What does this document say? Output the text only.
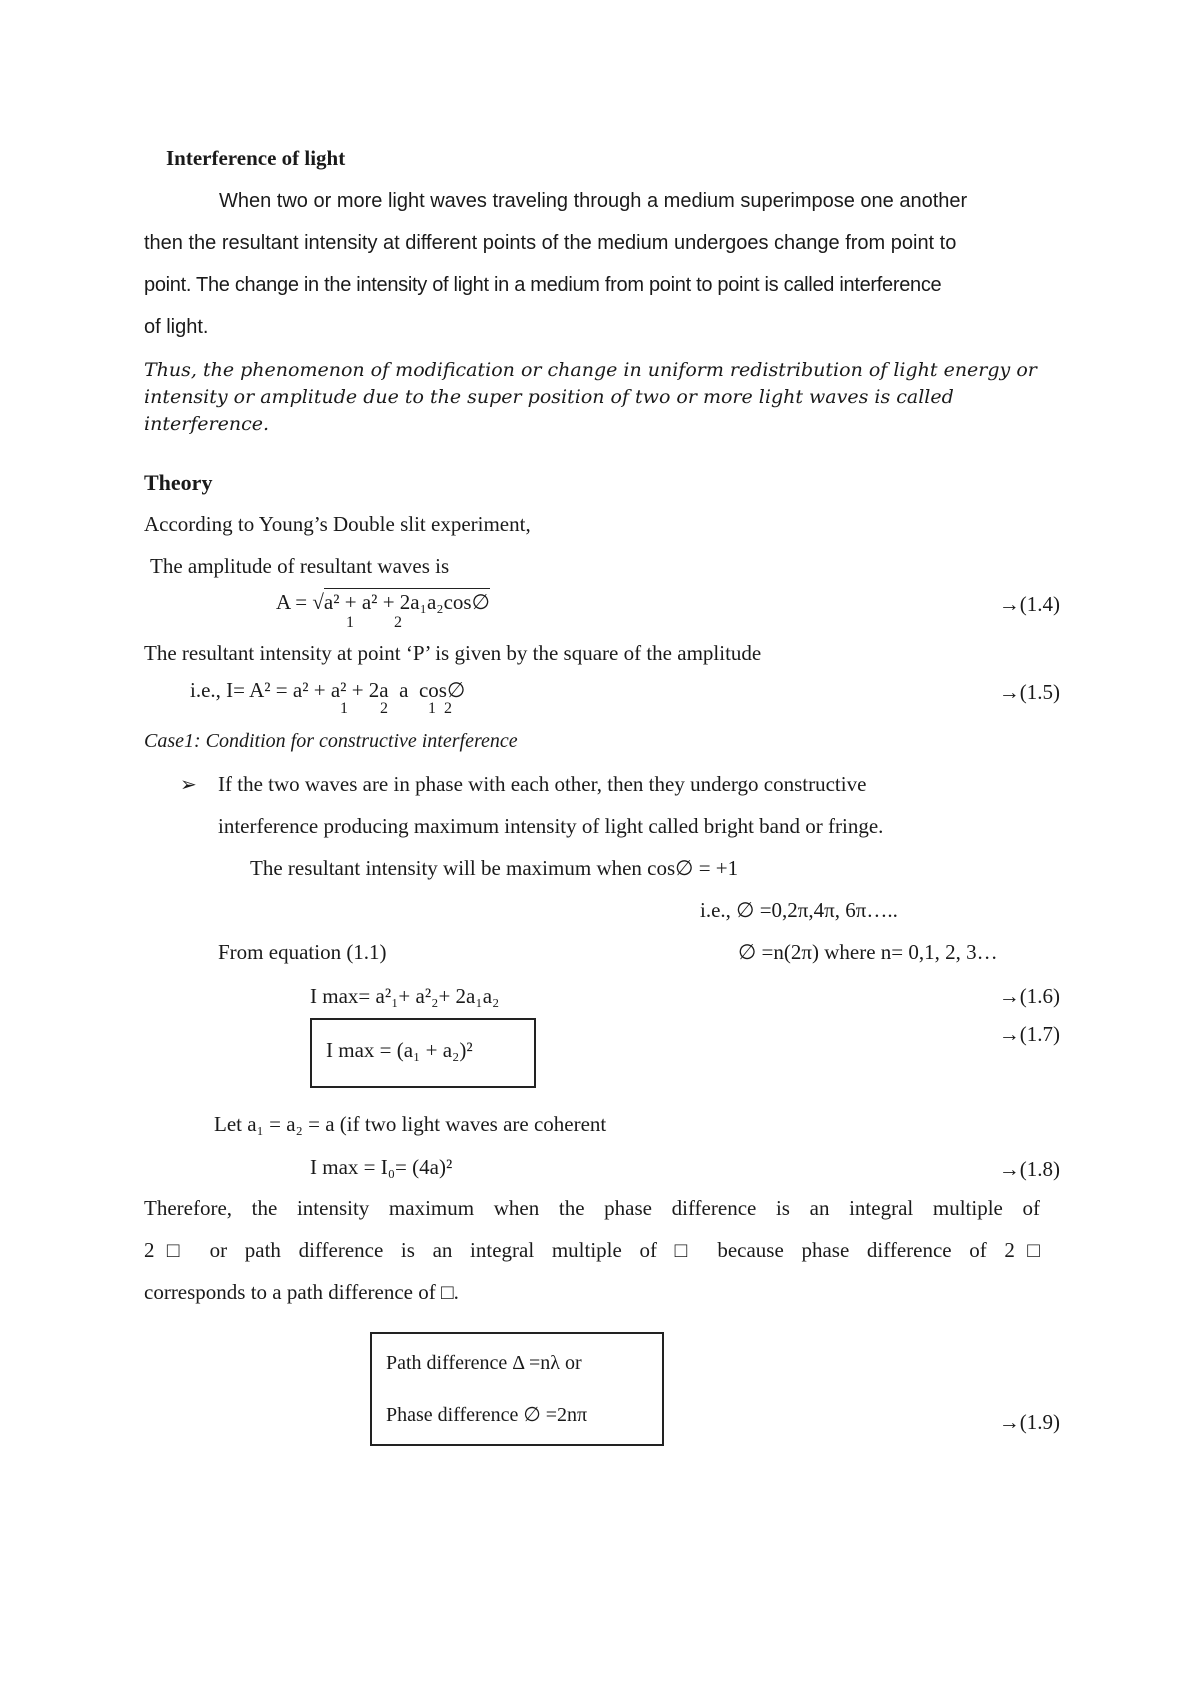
Interference of light
When two or more light waves traveling through a medium superimpose one another
then the resultant intensity at different points of the medium undergoes change from point to
point. The change in the intensity of light in a medium from point to point is called interference
of light.
Thus, the phenomenon of modification or change in uniform redistribution of light energy or
intensity or amplitude due to the super position of two or more light waves is called
interference.
Theory
According to Young’s Double slit experiment,
The amplitude of resultant waves is
A = √a² + a² + 2a₁a₂cos∅
1          2
→(1.4)
The resultant intensity at point ‘P’ is given by the square of the amplitude
i.e., I= A² = a² + a² + 2a  a  cos∅
1        2          1  2
→(1.5)
Case1: Condition for constructive interference
➢ If the two waves are in phase with each other, then they undergo constructive
interference producing maximum intensity of light called bright band or fringe.
The resultant intensity will be maximum when cos∅ = +1
i.e., ∅ =0,2π,4π, 6π…..
From equation (1.1)	∅ =n(2π) where n= 0,1, 2, 3…
I max= a²₁+ a²₂+ 2a₁a₂	→(1.6)
I max = (a₁ + a₂)²
→(1.7)
Let a₁ = a₂ = a (if two light waves are coherent
I max = I₀= (4a)²	→(1.8)
Therefore, the intensity maximum when the phase difference is an integral multiple of
2□ or path difference is an integral multiple of □ because phase difference of 2□
corresponds to a path difference of □.
Path difference Δ =nλ or
Phase difference ∅ =2nπ	→(1.9)
